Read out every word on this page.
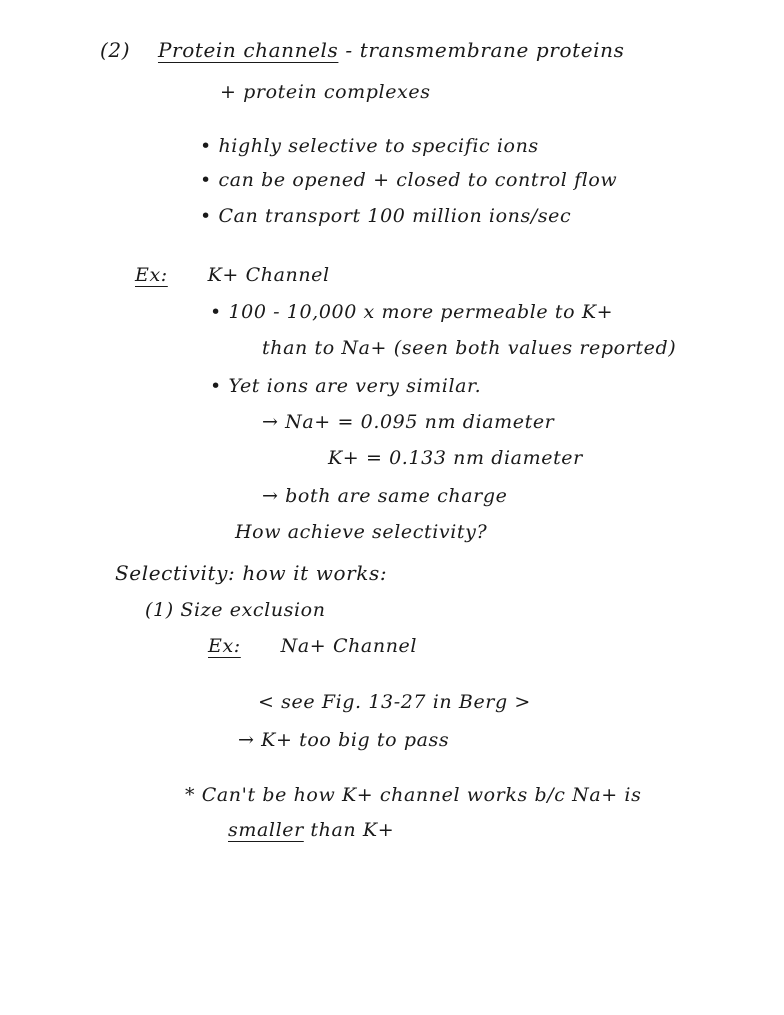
(2) Protein channels - transmembrane proteins
+ protein complexes
• highly selective to specific ions
• can be opened + closed to control flow
• Can transport 100 million ions/sec
Ex: K+ Channel
• 100 - 10,000 x more permeable to K+
than to Na+ (seen both values reported)
• Yet ions are very similar.
→ Na+ = 0.095 nm diameter
K+ = 0.133 nm diameter
→ both are same charge
How achieve selectivity?
Selectivity: how it works:
(1) Size exclusion
Ex: Na+ Channel
< see Fig. 13-27 in Berg >
→ K+ too big to pass
* Can't be how K+ channel works b/c Na+ is
smaller than K+
